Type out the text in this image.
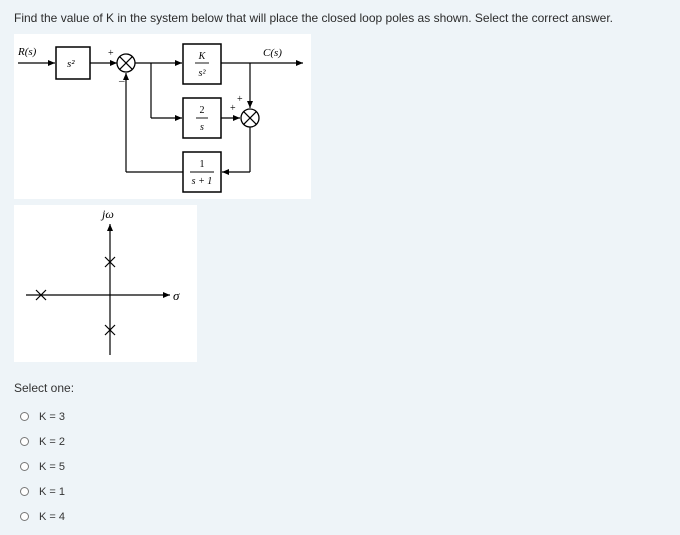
Find the value of K in the system below that will place the closed loop poles as shown. Select the correct answer.
R(s)
s²
+
–
K
s²
C(s)
2
s
+
+
1
s + 1
jω
σ
Select one:
K = 3
K = 2
K = 5
K = 1
K = 4
